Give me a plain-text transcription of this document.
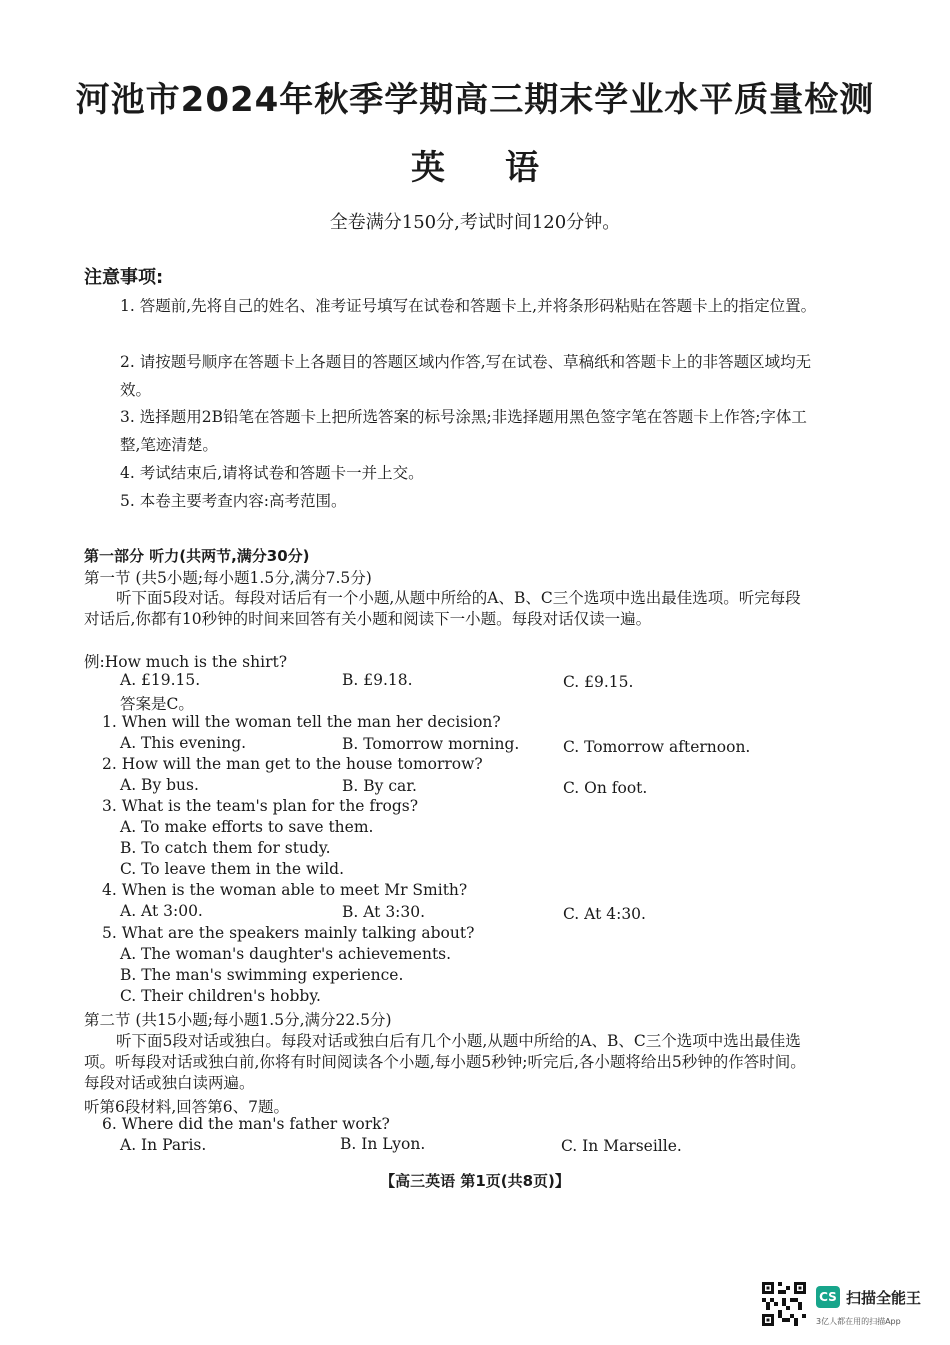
河池市2024年秋季学期高三期末学业水平质量检测
英语
全卷满分150分,考试时间120分钟。
注意事项:
1. 答题前,先将自己的姓名、准考证号填写在试卷和答题卡上,并将条形码粘贴在答题卡上的指定位置。
2. 请按题号顺序在答题卡上各题目的答题区域内作答,写在试卷、草稿纸和答题卡上的非答题区域均无效。
3. 选择题用2B铅笔在答题卡上把所选答案的标号涂黑;非选择题用黑色签字笔在答题卡上作答;字体工整,笔迹清楚。
4. 考试结束后,请将试卷和答题卡一并上交。
5. 本卷主要考查内容:高考范围。
第一部分 听力(共两节,满分30分)
第一节 (共5小题;每小题1.5分,满分7.5分)
听下面5段对话。每段对话后有一个小题,从题中所给的A、B、C三个选项中选出最佳选项。听完每段对话后,你都有10秒钟的时间来回答有关小题和阅读下一小题。每段对话仅读一遍。
例:How much is the shirt?
A. £19.15.	B. £9.18.	C. £9.15.
答案是C。
1. When will the woman tell the man her decision?
A. This evening.	B. Tomorrow morning.	C. Tomorrow afternoon.
2. How will the man get to the house tomorrow?
A. By bus.	B. By car.	C. On foot.
3. What is the team's plan for the frogs?
A. To make efforts to save them.
B. To catch them for study.
C. To leave them in the wild.
4. When is the woman able to meet Mr Smith?
A. At 3:00.	B. At 3:30.	C. At 4:30.
5. What are the speakers mainly talking about?
A. The woman's daughter's achievements.
B. The man's swimming experience.
C. Their children's hobby.
第二节 (共15小题;每小题1.5分,满分22.5分)
听下面5段对话或独白。每段对话或独白后有几个小题,从题中所给的A、B、C三个选项中选出最佳选项。听每段对话或独白前,你将有时间阅读各个小题,每小题5秒钟;听完后,各小题将给出5秒钟的作答时间。每段对话或独白读两遍。
听第6段材料,回答第6、7题。
6. Where did the man's father work?
A. In Paris.	B. In Lyon.	C. In Marseille.
【高三英语 第1页(共8页)】
CS 扫描全能王
3亿人都在用的扫描App
